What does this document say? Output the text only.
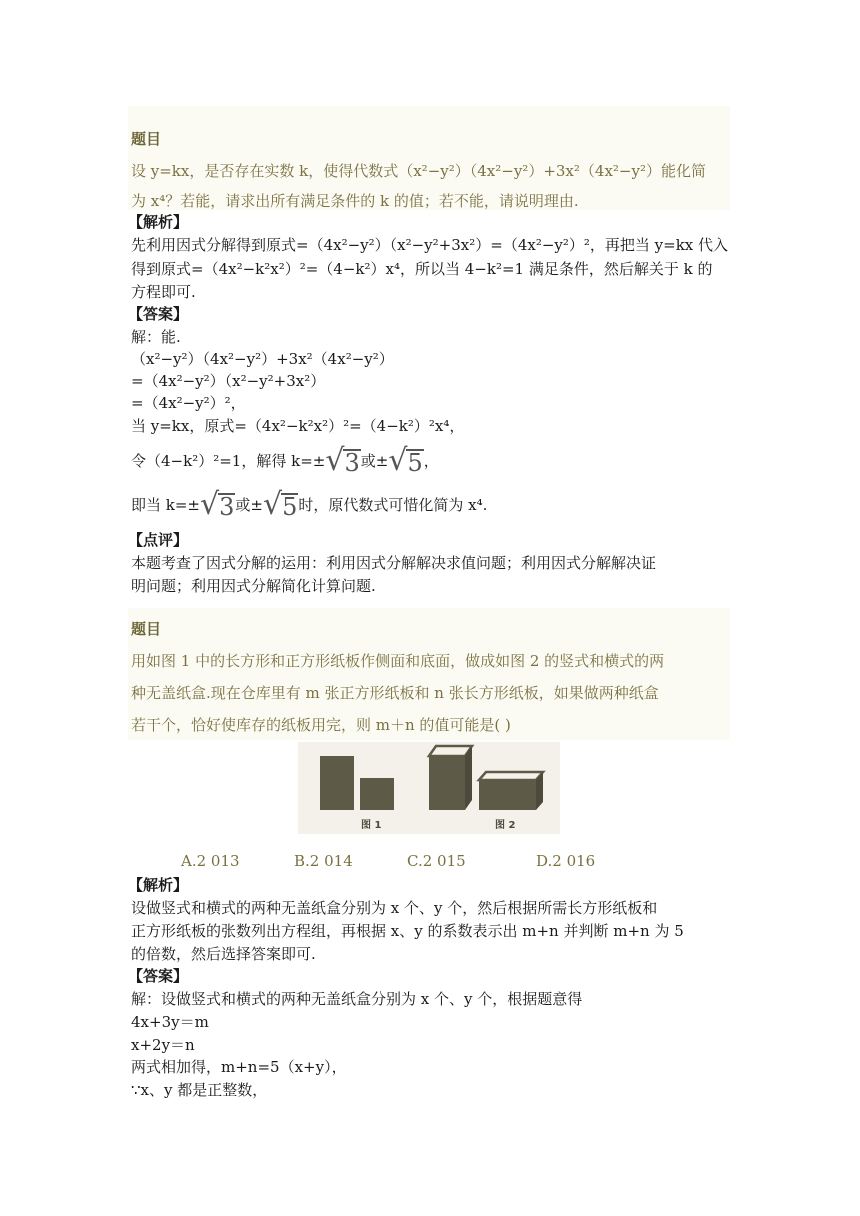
题目
设 y=kx，是否存在实数 k，使得代数式（x²−y²）（4x²−y²）+3x²（4x²−y²）能化简
为 x⁴？若能，请求出所有满足条件的 k 的值；若不能，请说明理由.
【解析】
先利用因式分解得到原式=（4x²−y²）（x²−y²+3x²）=（4x²−y²）²，再把当 y=kx 代入
得到原式=（4x²−k²x²）²=（4−k²）x⁴，所以当 4−k²=1 满足条件，然后解关于 k 的
方程即可.
【答案】
解：能.
（x²−y²）（4x²−y²）+3x²（4x²−y²）
=（4x²−y²）（x²−y²+3x²）
=（4x²−y²）²，
当 y=kx，原式=（4x²−k²x²）²=（4−k²）²x⁴，
令（4−k²）²=1，解得 k=± √ 3 或± √ 5 ，
即当 k=± √ 3 或± √ 5 时，原代数式可惜化简为 x⁴.
【点评】
本题考查了因式分解的运用：利用因式分解解决求值问题；利用因式分解解决证
明问题；利用因式分解简化计算问题.
题目
用如图 1 中的长方形和正方形纸板作侧面和底面，做成如图 2 的竖式和横式的两
种无盖纸盒.现在仓库里有 m 张正方形纸板和 n 张长方形纸板，如果做两种纸盒
若干个，恰好使库存的纸板用完，则 m＋n 的值可能是( )
图 1	图 2
A.2 013	B.2 014	C.2 015	D.2 016
【解析】
设做竖式和横式的两种无盖纸盒分别为 x 个、y 个，然后根据所需长方形纸板和
正方形纸板的张数列出方程组，再根据 x、y 的系数表示出 m+n 并判断 m+n 为 5
的倍数，然后选择答案即可.
【答案】
解：设做竖式和横式的两种无盖纸盒分别为 x 个、y 个，根据题意得
4x+3y＝m
x+2y＝n
两式相加得，m+n=5（x+y），
∵x、y 都是正整数，
